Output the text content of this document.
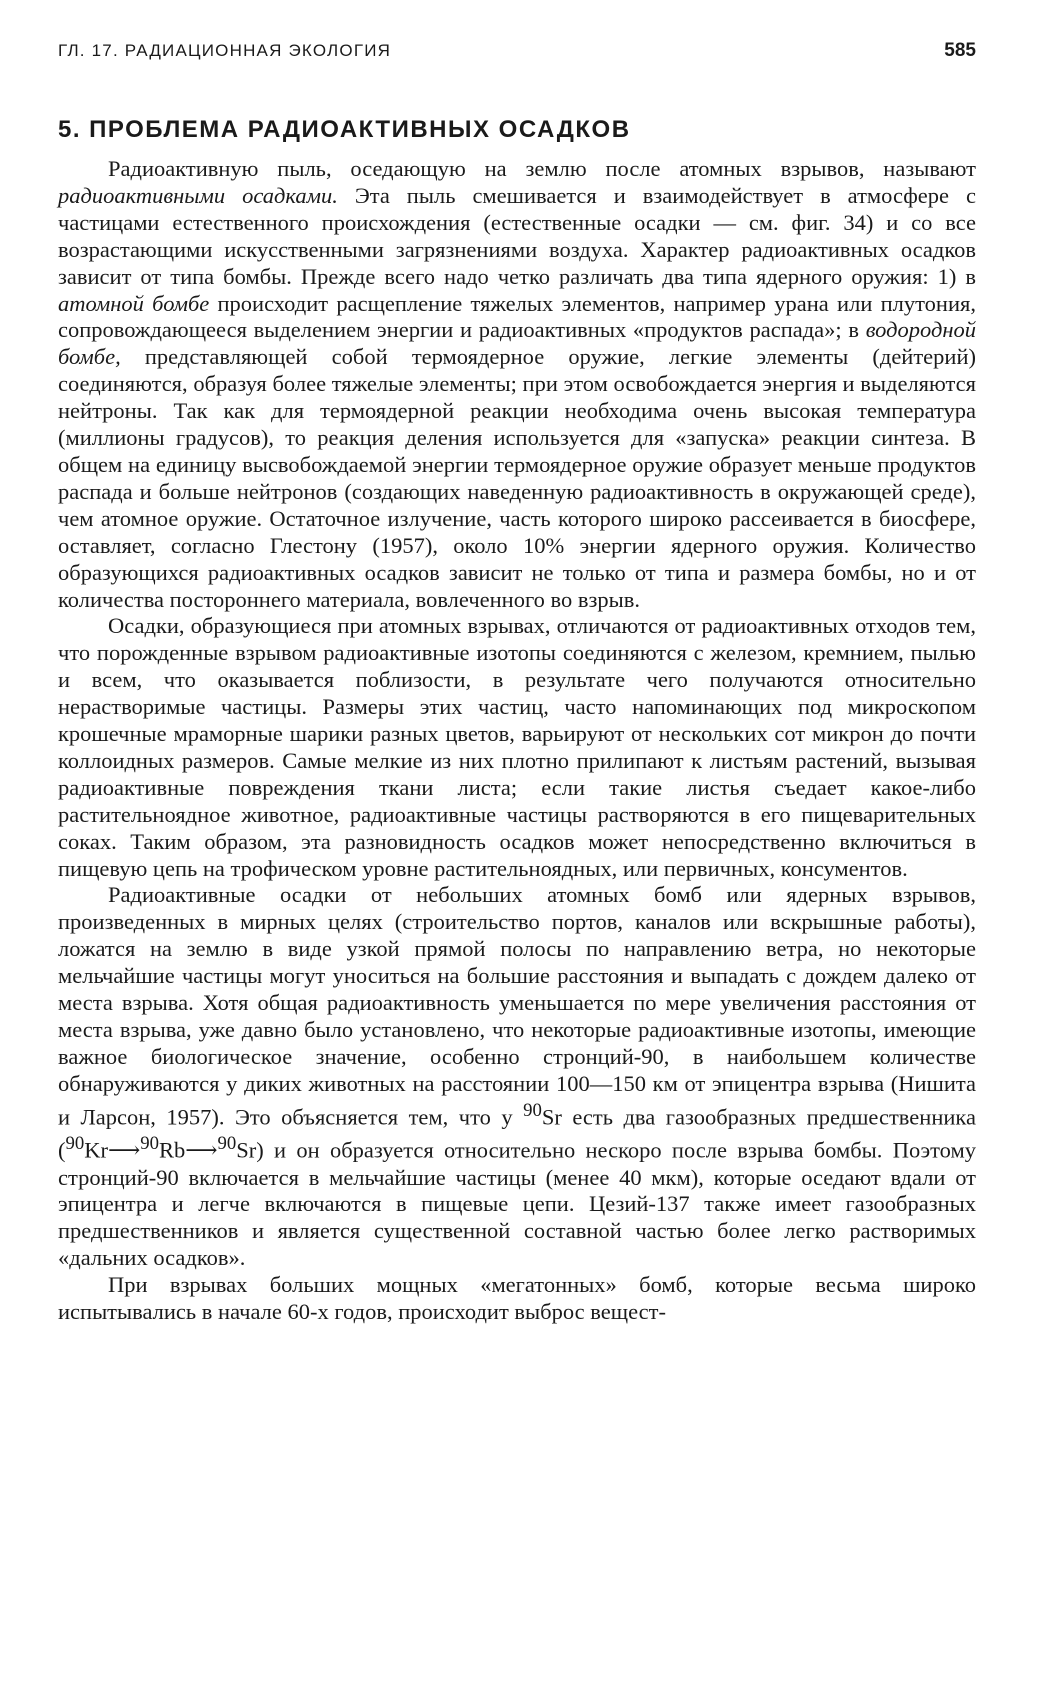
ГЛ. 17. РАДИАЦИОННАЯ ЭКОЛОГИЯ	585
5. ПРОБЛЕМА РАДИОАКТИВНЫХ ОСАДКОВ

Радиоактивную пыль, оседающую на землю после атомных взрывов, называют радиоактивными осадками. Эта пыль смешивается и взаимодействует в атмосфере с частицами естественного происхождения (естественные осадки — см. фиг. 34) и со все возрастающими искусственными загрязнениями воздуха. Характер радиоактивных осадков зависит от типа бомбы. Прежде всего надо четко различать два типа ядерного оружия: 1) в атомной бомбе происходит расщепление тяжелых элементов, например урана или плутония, сопровождающееся выделением энергии и радиоактивных «продуктов распада»; в водородной бомбе, представляющей собой термоядерное оружие, легкие элементы (дейтерий) соединяются, образуя более тяжелые элементы; при этом освобождается энергия и выделяются нейтроны. Так как для термоядерной реакции необходима очень высокая температура (миллионы градусов), то реакция деления используется для «запуска» реакции синтеза. В общем на единицу высвобождаемой энергии термоядерное оружие образует меньше продуктов распада и больше нейтронов (создающих наведенную радиоактивность в окружающей среде), чем атомное оружие. Остаточное излучение, часть которого широко рассеивается в биосфере, оставляет, согласно Глестону (1957), около 10% энергии ядерного оружия. Количество образующихся радиоактивных осадков зависит не только от типа и размера бомбы, но и от количества постороннего материала, вовлеченного во взрыв.

Осадки, образующиеся при атомных взрывах, отличаются от радиоактивных отходов тем, что порожденные взрывом радиоактивные изотопы соединяются с железом, кремнием, пылью и всем, что оказывается поблизости, в результате чего получаются относительно нерастворимые частицы. Размеры этих частиц, часто напоминающих под микроскопом крошечные мраморные шарики разных цветов, варьируют от нескольких сот микрон до почти коллоидных размеров. Самые мелкие из них плотно прилипают к листьям растений, вызывая радиоактивные повреждения ткани листа; если такие листья съедает какое-либо растительноядное животное, радиоактивные частицы растворяются в его пищеварительных соках. Таким образом, эта разновидность осадков может непосредственно включиться в пищевую цепь на трофическом уровне растительноядных, или первичных, консументов.

Радиоактивные осадки от небольших атомных бомб или ядерных взрывов, произведенных в мирных целях (строительство портов, каналов или вскрышные работы), ложатся на землю в виде узкой прямой полосы по направлению ветра, но некоторые мельчайшие частицы могут уноситься на большие расстояния и выпадать с дождем далеко от места взрыва. Хотя общая радиоактивность уменьшается по мере увеличения расстояния от места взрыва, уже давно было установлено, что некоторые радиоактивные изотопы, имеющие важное биологическое значение, особенно стронций-90, в наибольшем количестве обнаруживаются у диких животных на расстоянии 100—150 км от эпицентра взрыва (Нишита и Ларсон, 1957). Это объясняется тем, что у $^{90}$Sr есть два газообразных предшественника ($^{90}$Kr⟶$^{90}$Rb⟶$^{90}$Sr) и он образуется относительно нескоро после взрыва бомбы. Поэтому стронций-90 включается в мельчайшие частицы (менее 40 мкм), которые оседают вдали от эпицентра и легче включаются в пищевые цепи. Цезий-137 также имеет газообразных предшественников и является существенной составной частью более легко растворимых «дальних осадков».

При взрывах больших мощных «мегатонных» бомб, которые весьма широко испытывались в начале 60-х годов, происходит выброс вещест-
